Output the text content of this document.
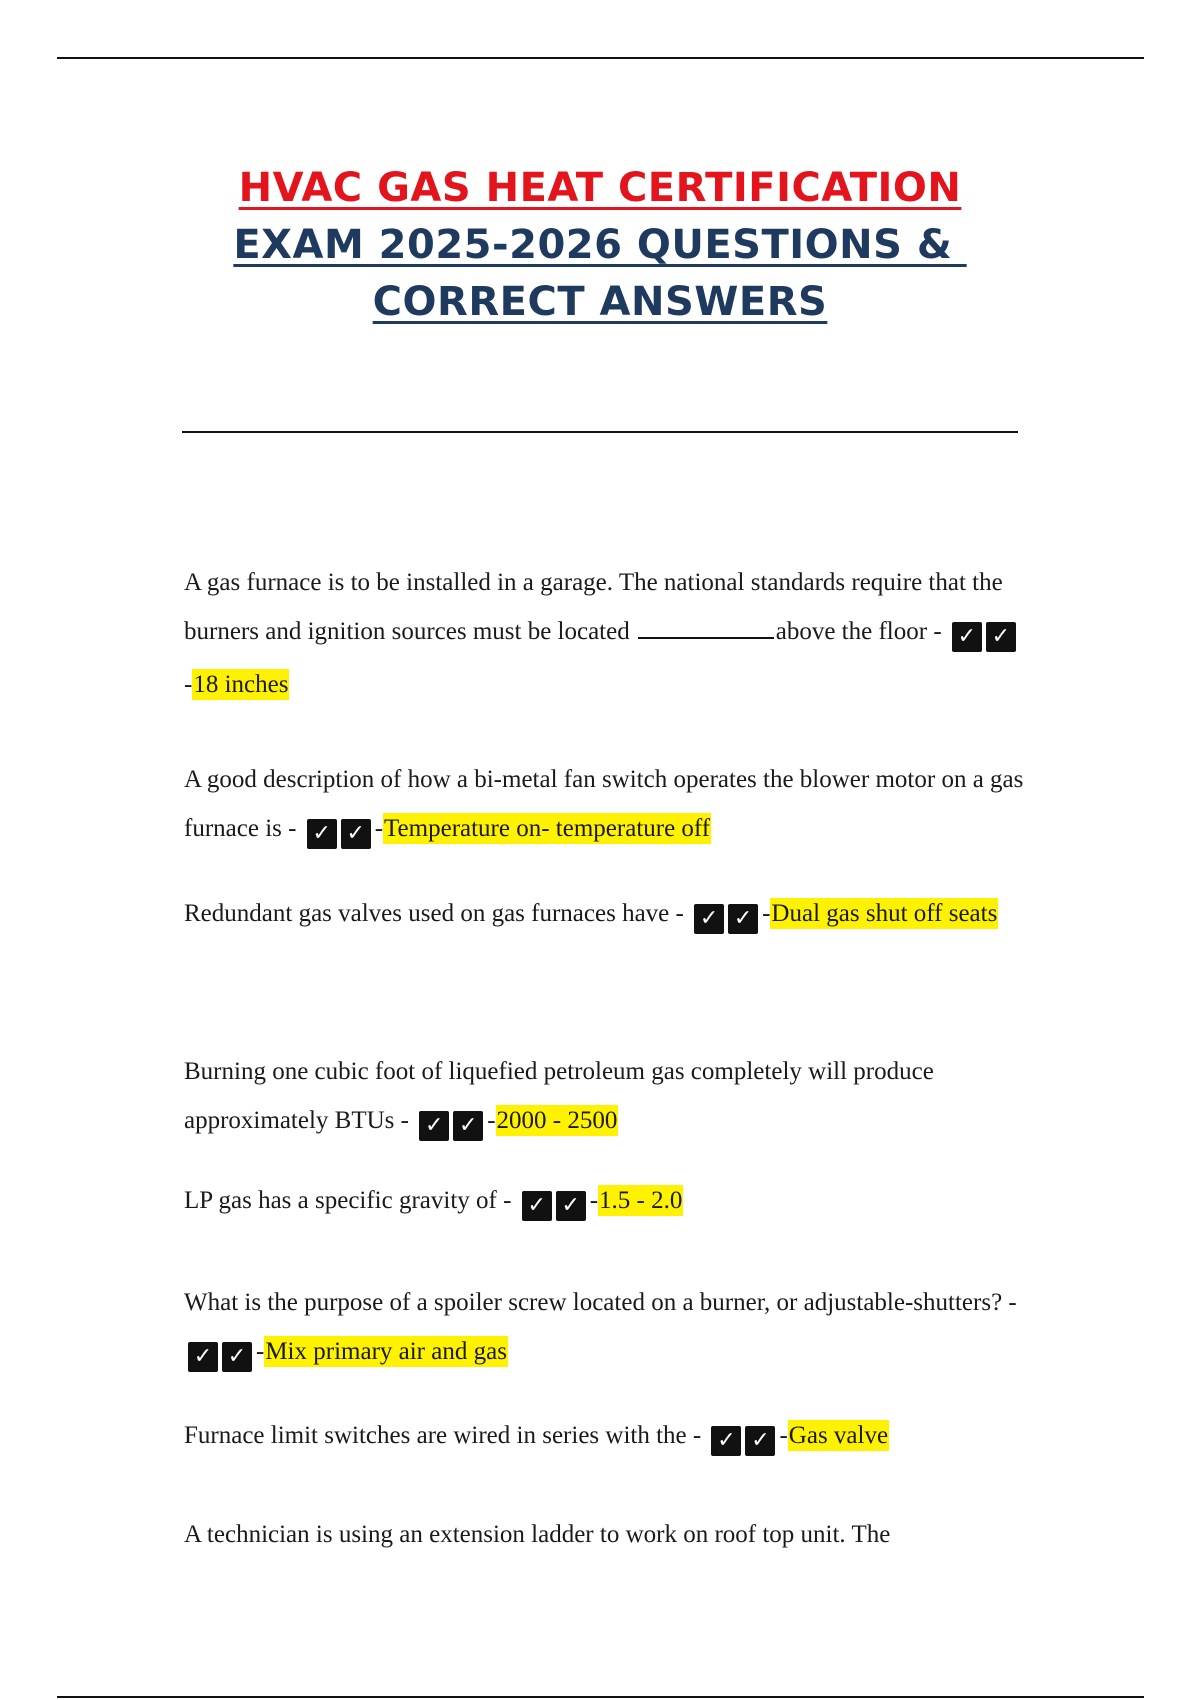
HVAC GAS HEAT CERTIFICATION
EXAM 2025-2026 QUESTIONS &
CORRECT ANSWERS

A gas furnace is to be installed in a garage. The national standards require that the burners and ignition sources must be located	above the floor - ✓ ✓-18 inches

A good description of how a bi-metal fan switch operates the blower motor on a gas furnace is - ✓ ✓ -Temperature on- temperature off

Redundant gas valves used on gas furnaces have - ✓ ✓ -Dual gas shut off seats

Burning one cubic foot of liquefied petroleum gas completely will produce approximately BTUs - ✓ ✓ -2000 - 2500

LP gas has a specific gravity of - ✓ ✓ -1.5 - 2.0

What is the purpose of a spoiler screw located on a burner, or adjustable-shutters? - ✓ ✓ -Mix primary air and gas

Furnace limit switches are wired in series with the - ✓ ✓ -Gas valve

A technician is using an extension ladder to work on roof top unit. The
